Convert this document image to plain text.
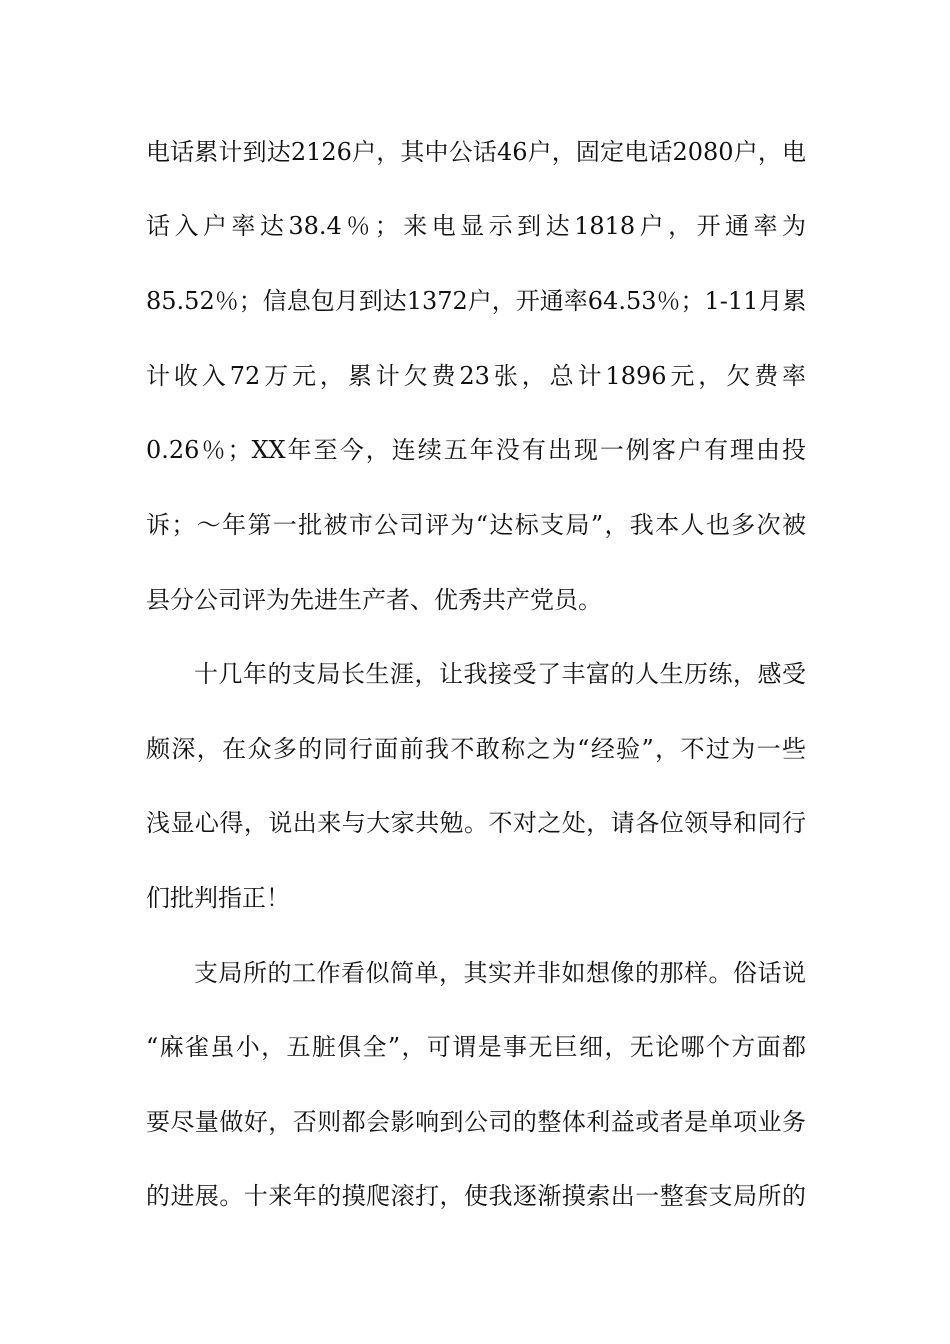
电话累计到达2126户，其中公话46户，固定电话2080户，电
话入户率达38.4％；来电显示到达1818户，开通率为
85.52％；信息包月到达1372户，开通率64.53％；1-11月累
计收入72万元，累计欠费23张，总计1896元，欠费率
0.26％；XX年至今，连续五年没有出现一例客户有理由投
诉；～年第一批被市公司评为“达标支局”，我本人也多次被
县分公司评为先进生产者、优秀共产党员。
十几年的支局长生涯，让我接受了丰富的人生历练，感受
颇深，在众多的同行面前我不敢称之为“经验”，不过为一些
浅显心得，说出来与大家共勉。不对之处，请各位领导和同行
们批判指正！
支局所的工作看似简单，其实并非如想像的那样。俗话说
“麻雀虽小，五脏俱全”，可谓是事无巨细，无论哪个方面都
要尽量做好，否则都会影响到公司的整体利益或者是单项业务
的进展。十来年的摸爬滚打，使我逐渐摸索出一整套支局所的
